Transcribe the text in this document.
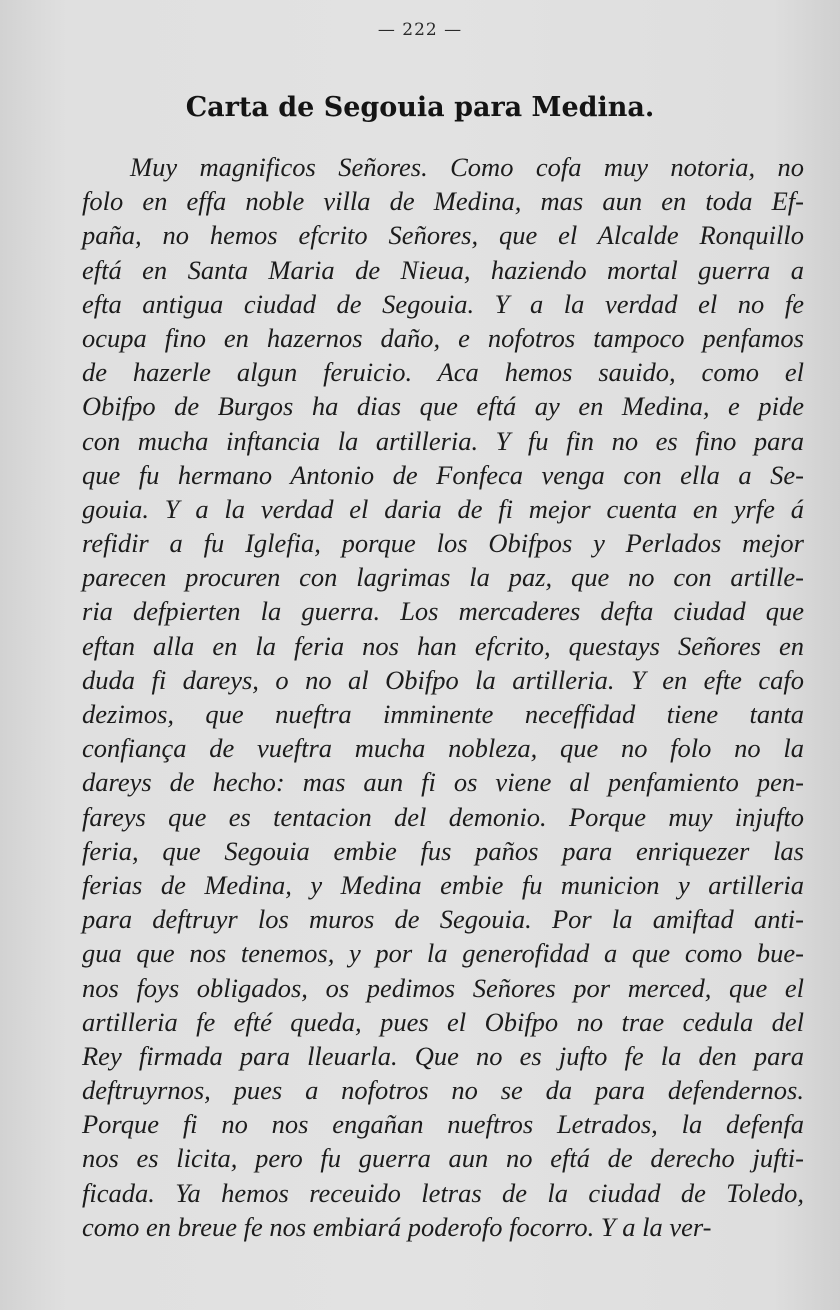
— 222 —
Carta de Segouia para Medina.
Muy magnificos Señores. Como cofa muy notoria, no
folo en effa noble villa de Medina, mas aun en toda Ef-
paña, no hemos efcrito Señores, que el Alcalde Ronquillo
eftá en Santa Maria de Nieua, haziendo mortal guerra a
efta antigua ciudad de Segouia. Y a la verdad el no fe
ocupa fino en hazernos daño, e nofotros tampoco penfamos
de hazerle algun feruicio. Aca hemos sauido, como el
Obifpo de Burgos ha dias que eftá ay en Medina, e pide
con mucha inftancia la artilleria. Y fu fin no es fino para
que fu hermano Antonio de Fonfeca venga con ella a Se-
gouia. Y a la verdad el daria de fi mejor cuenta en yrfe á
refidir a fu Iglefia, porque los Obifpos y Perlados mejor
parecen procuren con lagrimas la paz, que no con artille-
ria defpierten la guerra. Los mercaderes defta ciudad que
eftan alla en la feria nos han efcrito, questays Señores en
duda fi dareys, o no al Obifpo la artilleria. Y en efte cafo
dezimos, que nueftra imminente neceffidad tiene tanta
confiança de vueftra mucha nobleza, que no folo no la
dareys de hecho: mas aun fi os viene al penfamiento pen-
fareys que es tentacion del demonio. Porque muy injufto
feria, que Segouia embie fus paños para enriquezer las
ferias de Medina, y Medina embie fu municion y artilleria
para deftruyr los muros de Segouia. Por la amiftad anti-
gua que nos tenemos, y por la generofidad a que como bue-
nos foys obligados, os pedimos Señores por merced, que el
artilleria fe efté queda, pues el Obifpo no trae cedula del
Rey firmada para lleuarla. Que no es jufto fe la den para
deftruyrnos, pues a nofotros no se da para defendernos.
Porque fi no nos engañan nueftros Letrados, la defenfa
nos es licita, pero fu guerra aun no eftá de derecho jufti-
ficada. Ya hemos receuido letras de la ciudad de Toledo,
como en breue fe nos embiará poderofo focorro. Y a la ver-
